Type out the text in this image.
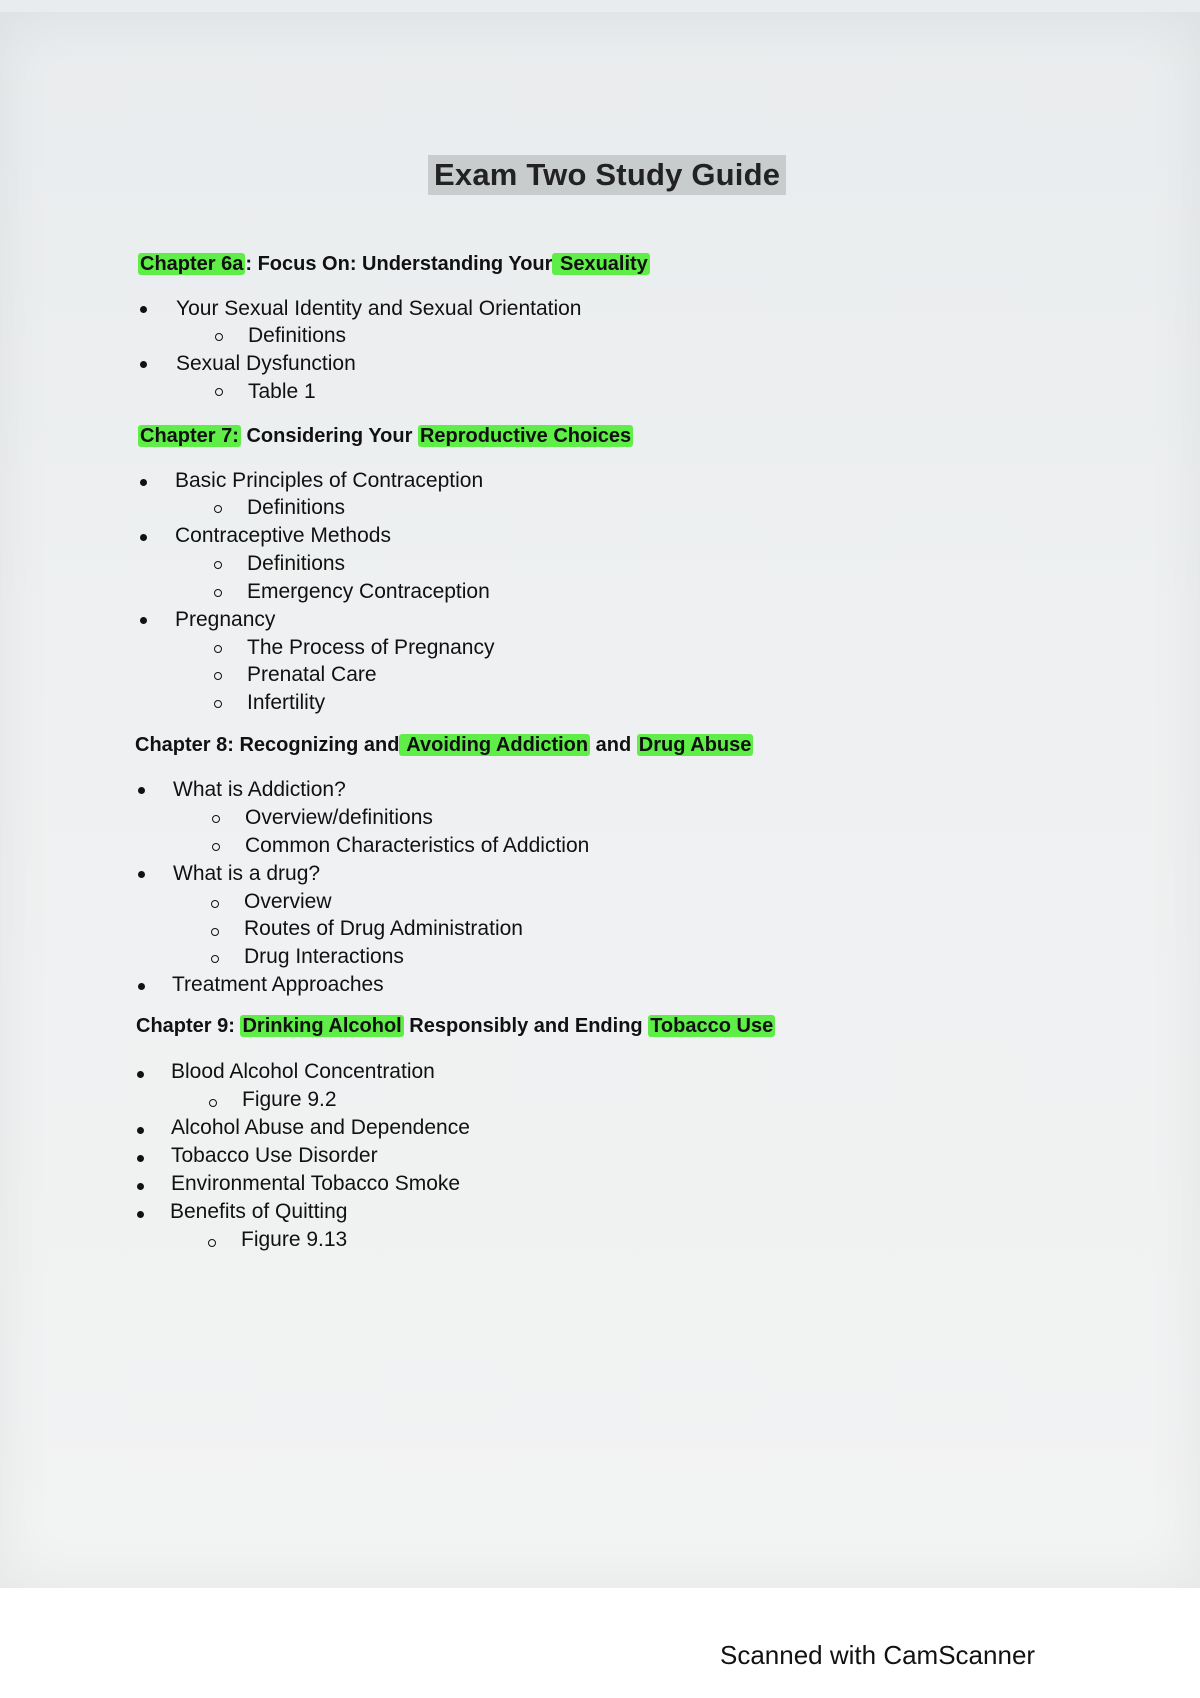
Exam Two Study Guide
Chapter 6a : Focus On: Understanding Your Sexuality
Your Sexual Identity and Sexual Orientation
Definitions
Sexual Dysfunction
Table 1
Chapter 7: Considering Your Reproductive Choices
Basic Principles of Contraception
Definitions
Contraceptive Methods
Definitions
Emergency Contraception
Pregnancy
The Process of Pregnancy
Prenatal Care
Infertility
Chapter 8: Recognizing and Avoiding Addiction and Drug Abuse
What is Addiction?
Overview/definitions
Common Characteristics of Addiction
What is a drug?
Overview
Routes of Drug Administration
Drug Interactions
Treatment Approaches
Chapter 9: Drinking Alcohol Responsibly and Ending Tobacco Use
Blood Alcohol Concentration
Figure 9.2
Alcohol Abuse and Dependence
Tobacco Use Disorder
Environmental Tobacco Smoke
Benefits of Quitting
Figure 9.13
Scanned with CamScanner
